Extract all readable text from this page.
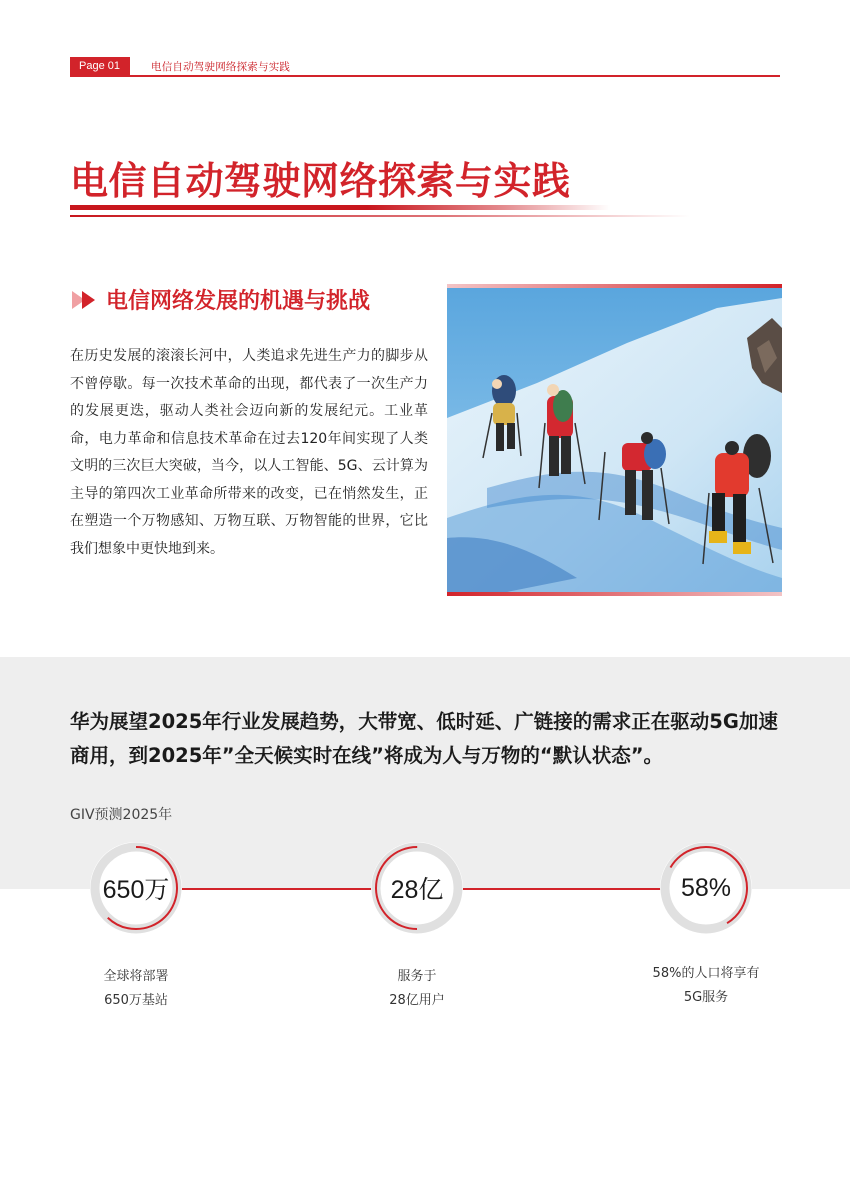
Page 01	电信自动驾驶网络探索与实践
电信自动驾驶网络探索与实践
电信网络发展的机遇与挑战
在历史发展的滚滚长河中，人类追求先进生产力的脚步从不曾停歇。每一次技术革命的出现，都代表了一次生产力的发展更迭，驱动人类社会迈向新的发展纪元。工业革命，电力革命和信息技术革命在过去120年间实现了人类文明的三次巨大突破，当今，以人工智能、5G、云计算为主导的第四次工业革命所带来的改变，已在悄然发生，正在塑造一个万物感知、万物互联、万物智能的世界，它比我们想象中更快地到来。
华为展望2025年行业发展趋势，大带宽、低时延、广链接的需求正在驱动5G加速商用，到2025年”全天候实时在线”将成为人与万物的“默认状态”。
GIV预测2025年
650万
全球将部署
650万基站
28亿
服务于
28亿用户
58%
58%的人口将享有
5G服务
